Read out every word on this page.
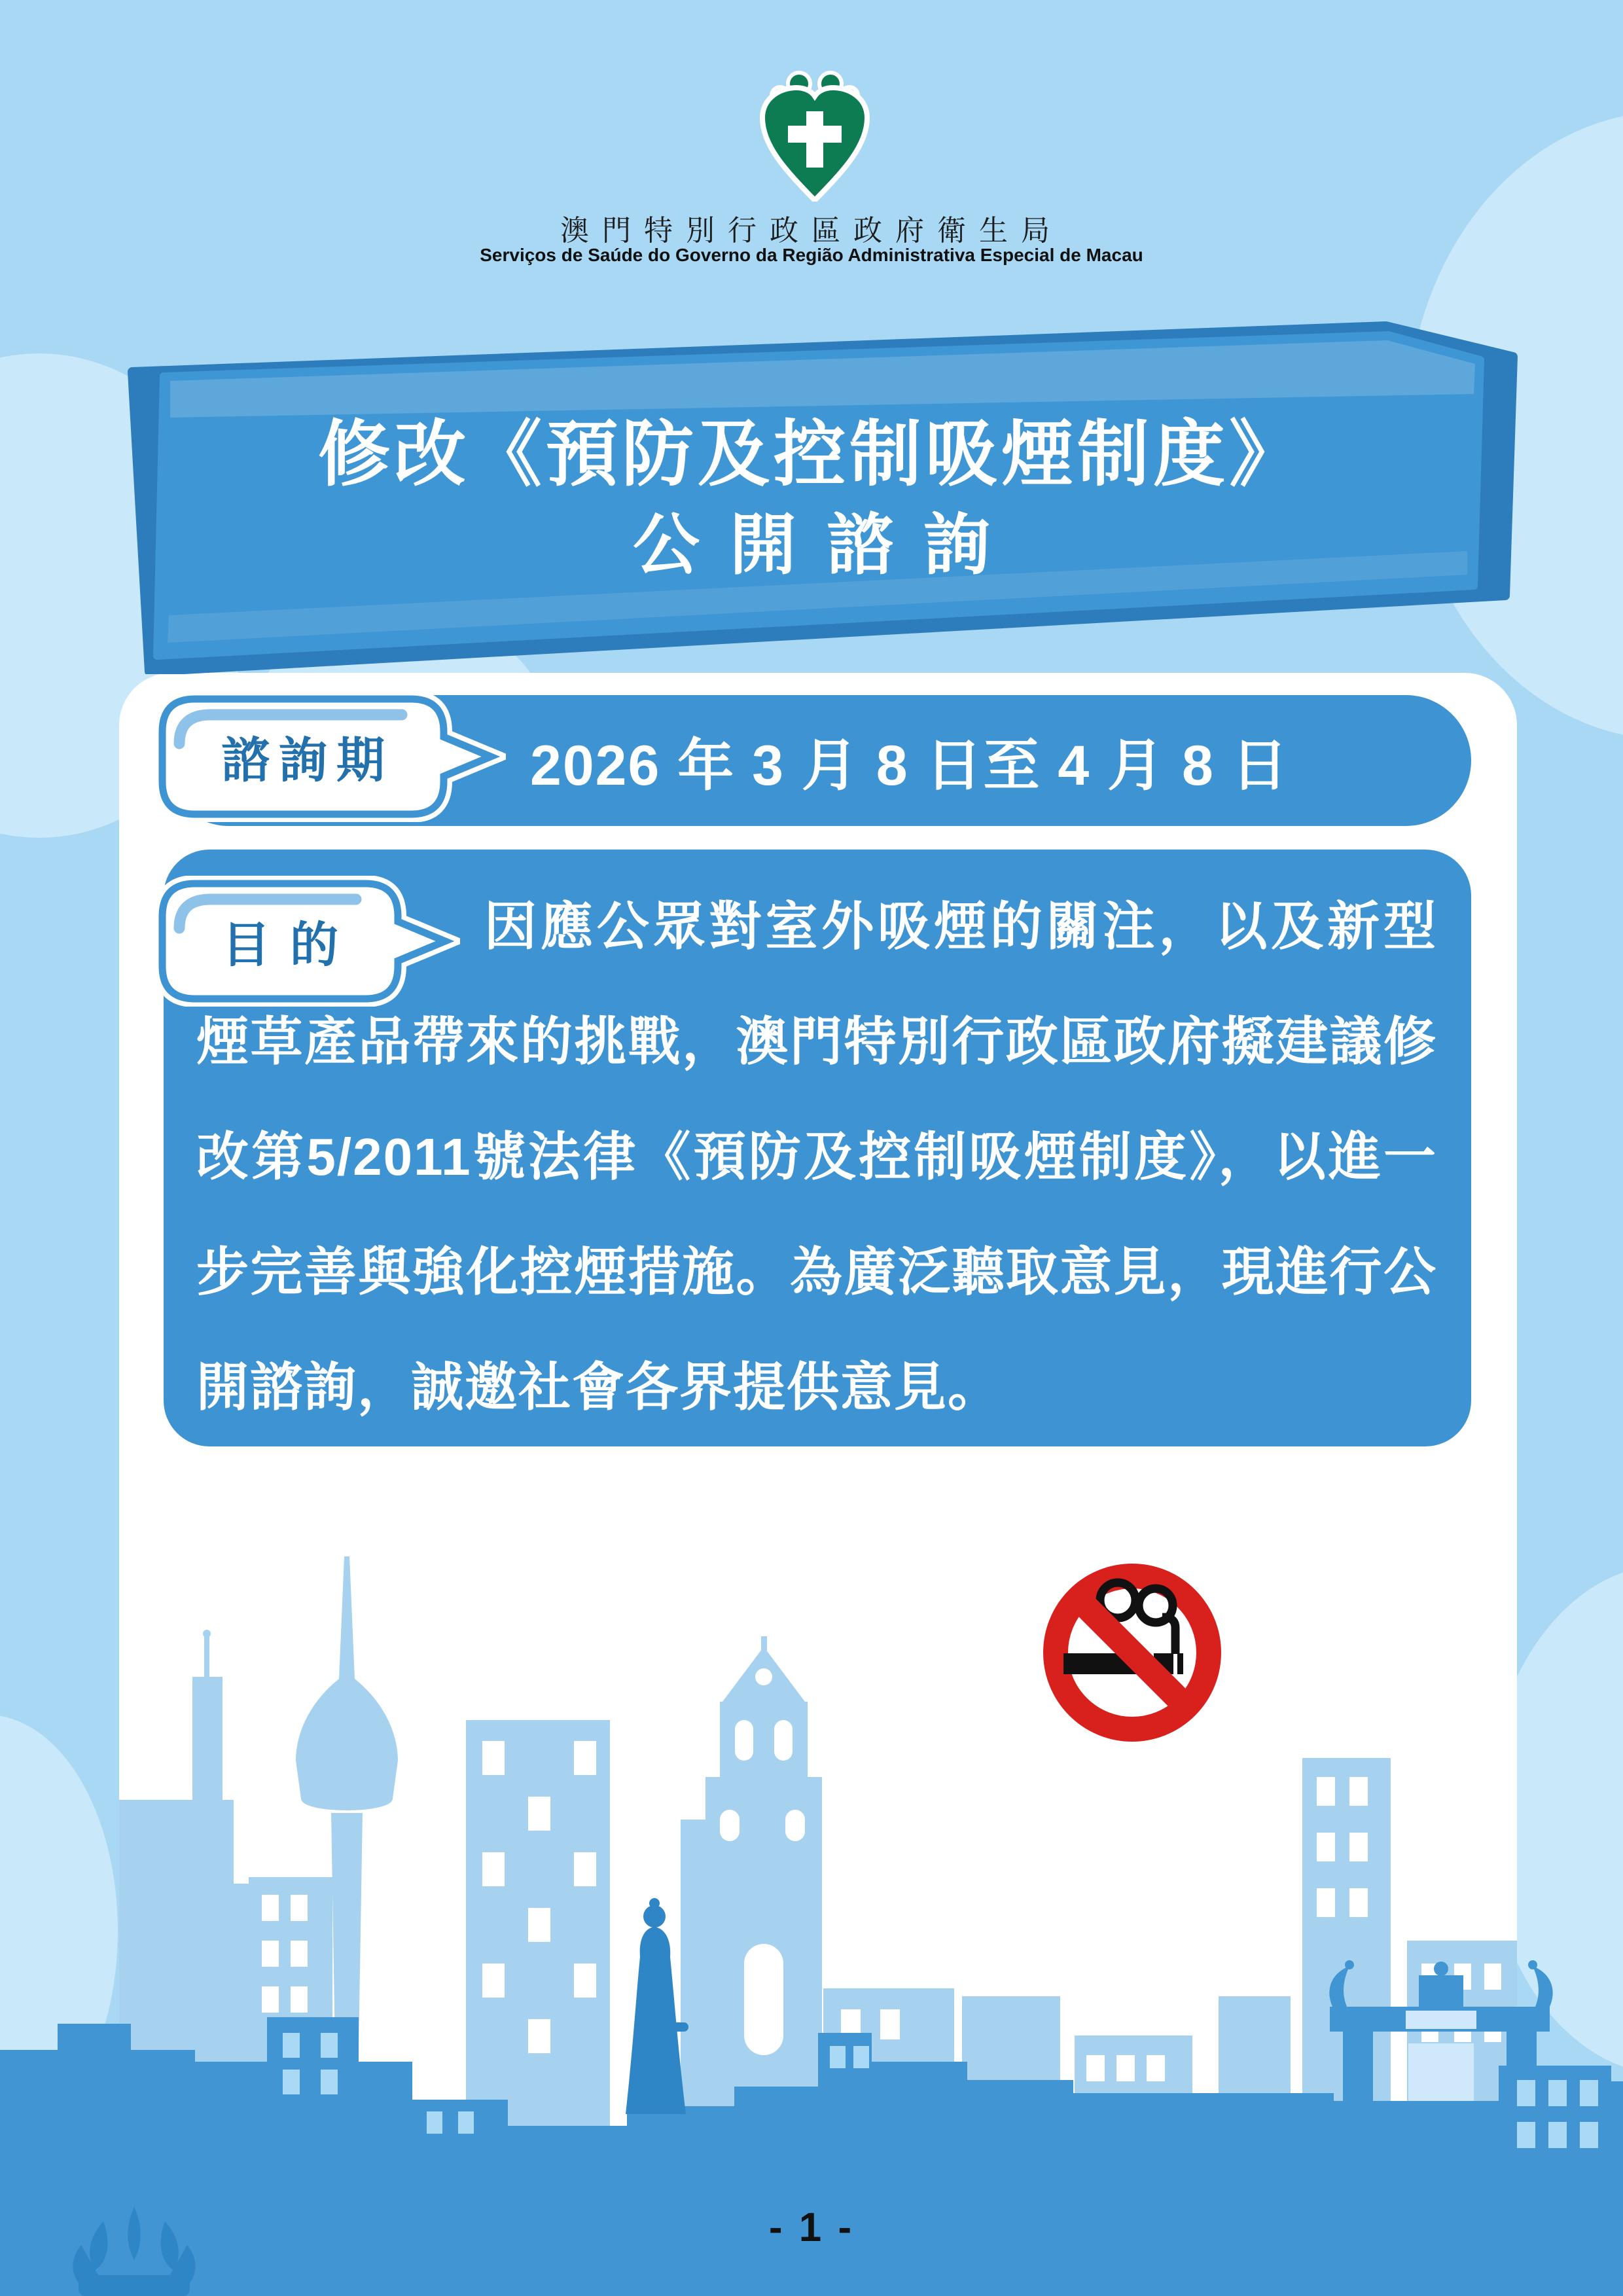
澳門特別行政區政府衛生局
Serviços de Saúde do Governo da Região Administrativa Especial de Macau
修改《預防及控制吸煙制度》
公開諮詢
2026 年 3 月 8 日至 4 月 8 日
諮詢期
因應公眾對室外吸煙的關注，以及新型煙草產品帶來的挑戰，澳門特別行政區政府擬建議修改第5/2011號法律《預防及控制吸煙制度》，以進一步完善與強化控煙措施。為廣泛聽取意見，現進行公開諮詢，誠邀社會各界提供意見。
目的
- 1 -
